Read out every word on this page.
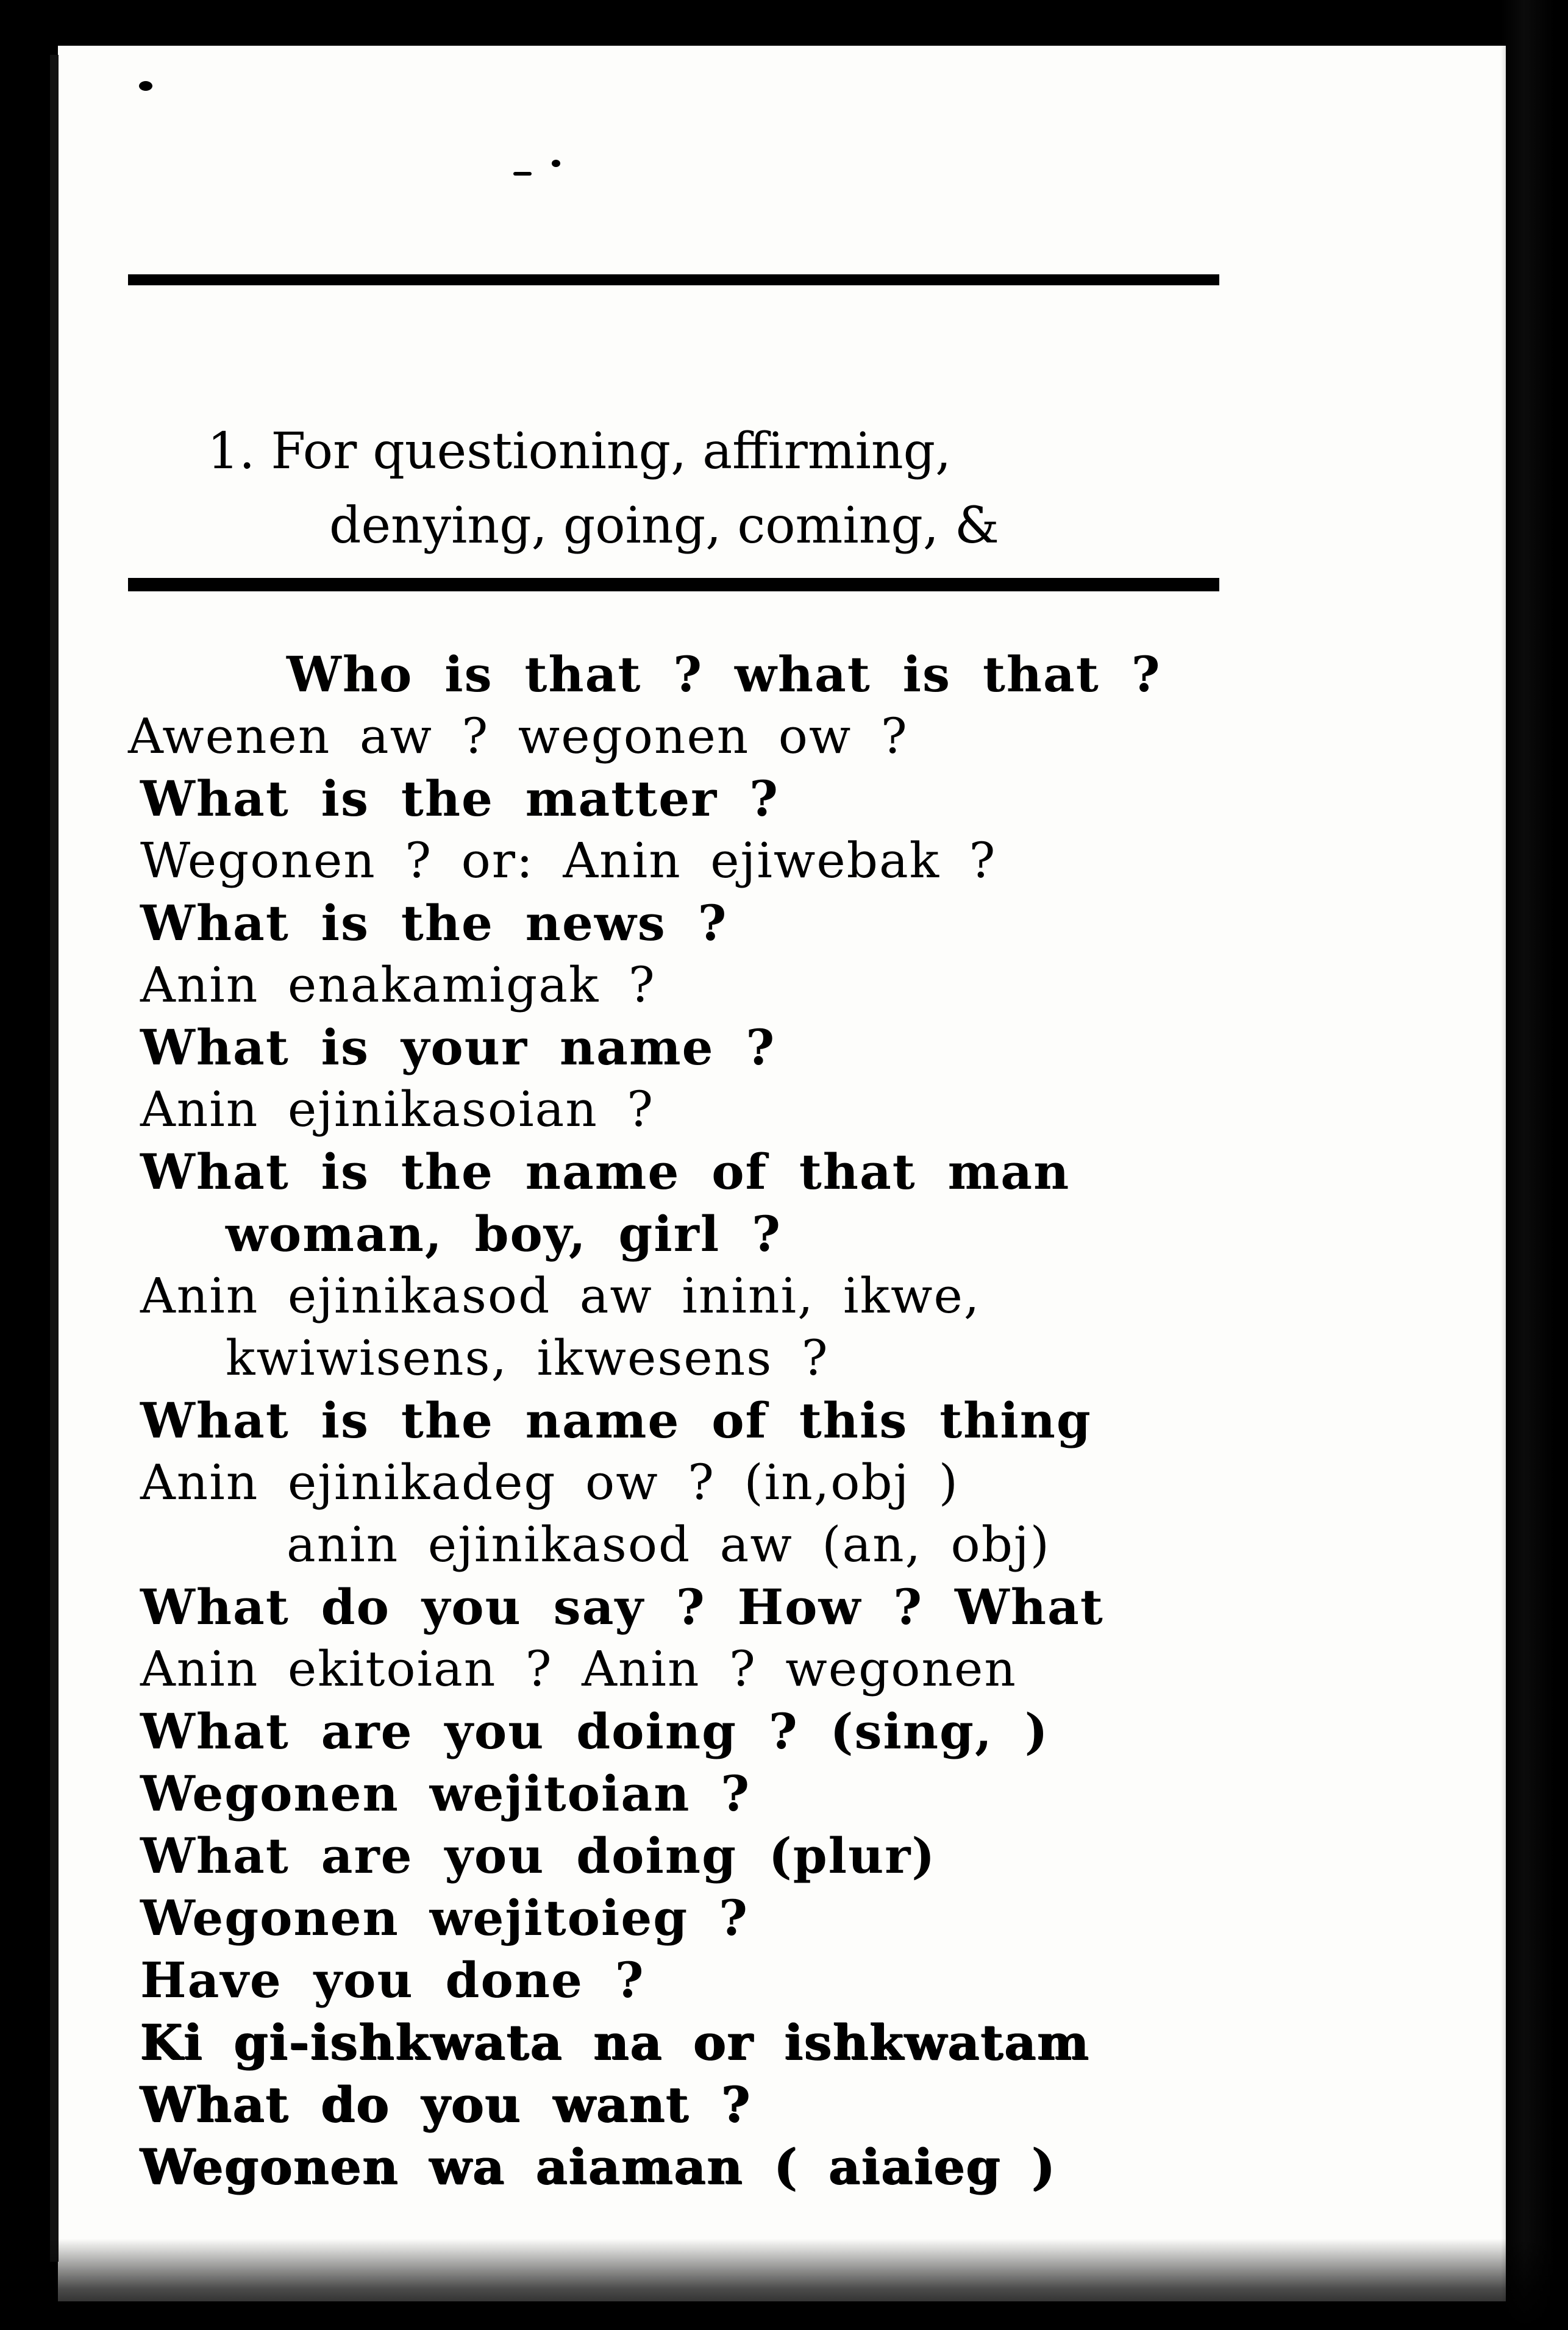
1. For questioning, affirming,
denying, going, coming, &
Who is that ? what is that ?
Awenen aw ? wegonen ow ?
What is the matter ?
Wegonen ? or: Anin ejiwebak ?
What is the news ?
Anin enakamigak ?
What is your name ?
Anin ejinikasoian ?
What is the name of that man
woman, boy, girl ?
Anin ejinikasod aw inini, ikwe,
kwiwisens, ikwesens ?
What is the name of this thing
Anin ejinikadeg ow ? (in,obj )
anin ejinikasod aw (an, obj)
What do you say ? How ? What
Anin ekitoian ? Anin ? wegonen
What are you doing ? (sing, )
Wegonen wejitoian ?
What are you doing (plur)
Wegonen wejitoieg ?
Have you done ?
Ki gi-ishkwata na or ishkwatam
What do you want ?
Wegonen wa aiaman ( aiaieg )
